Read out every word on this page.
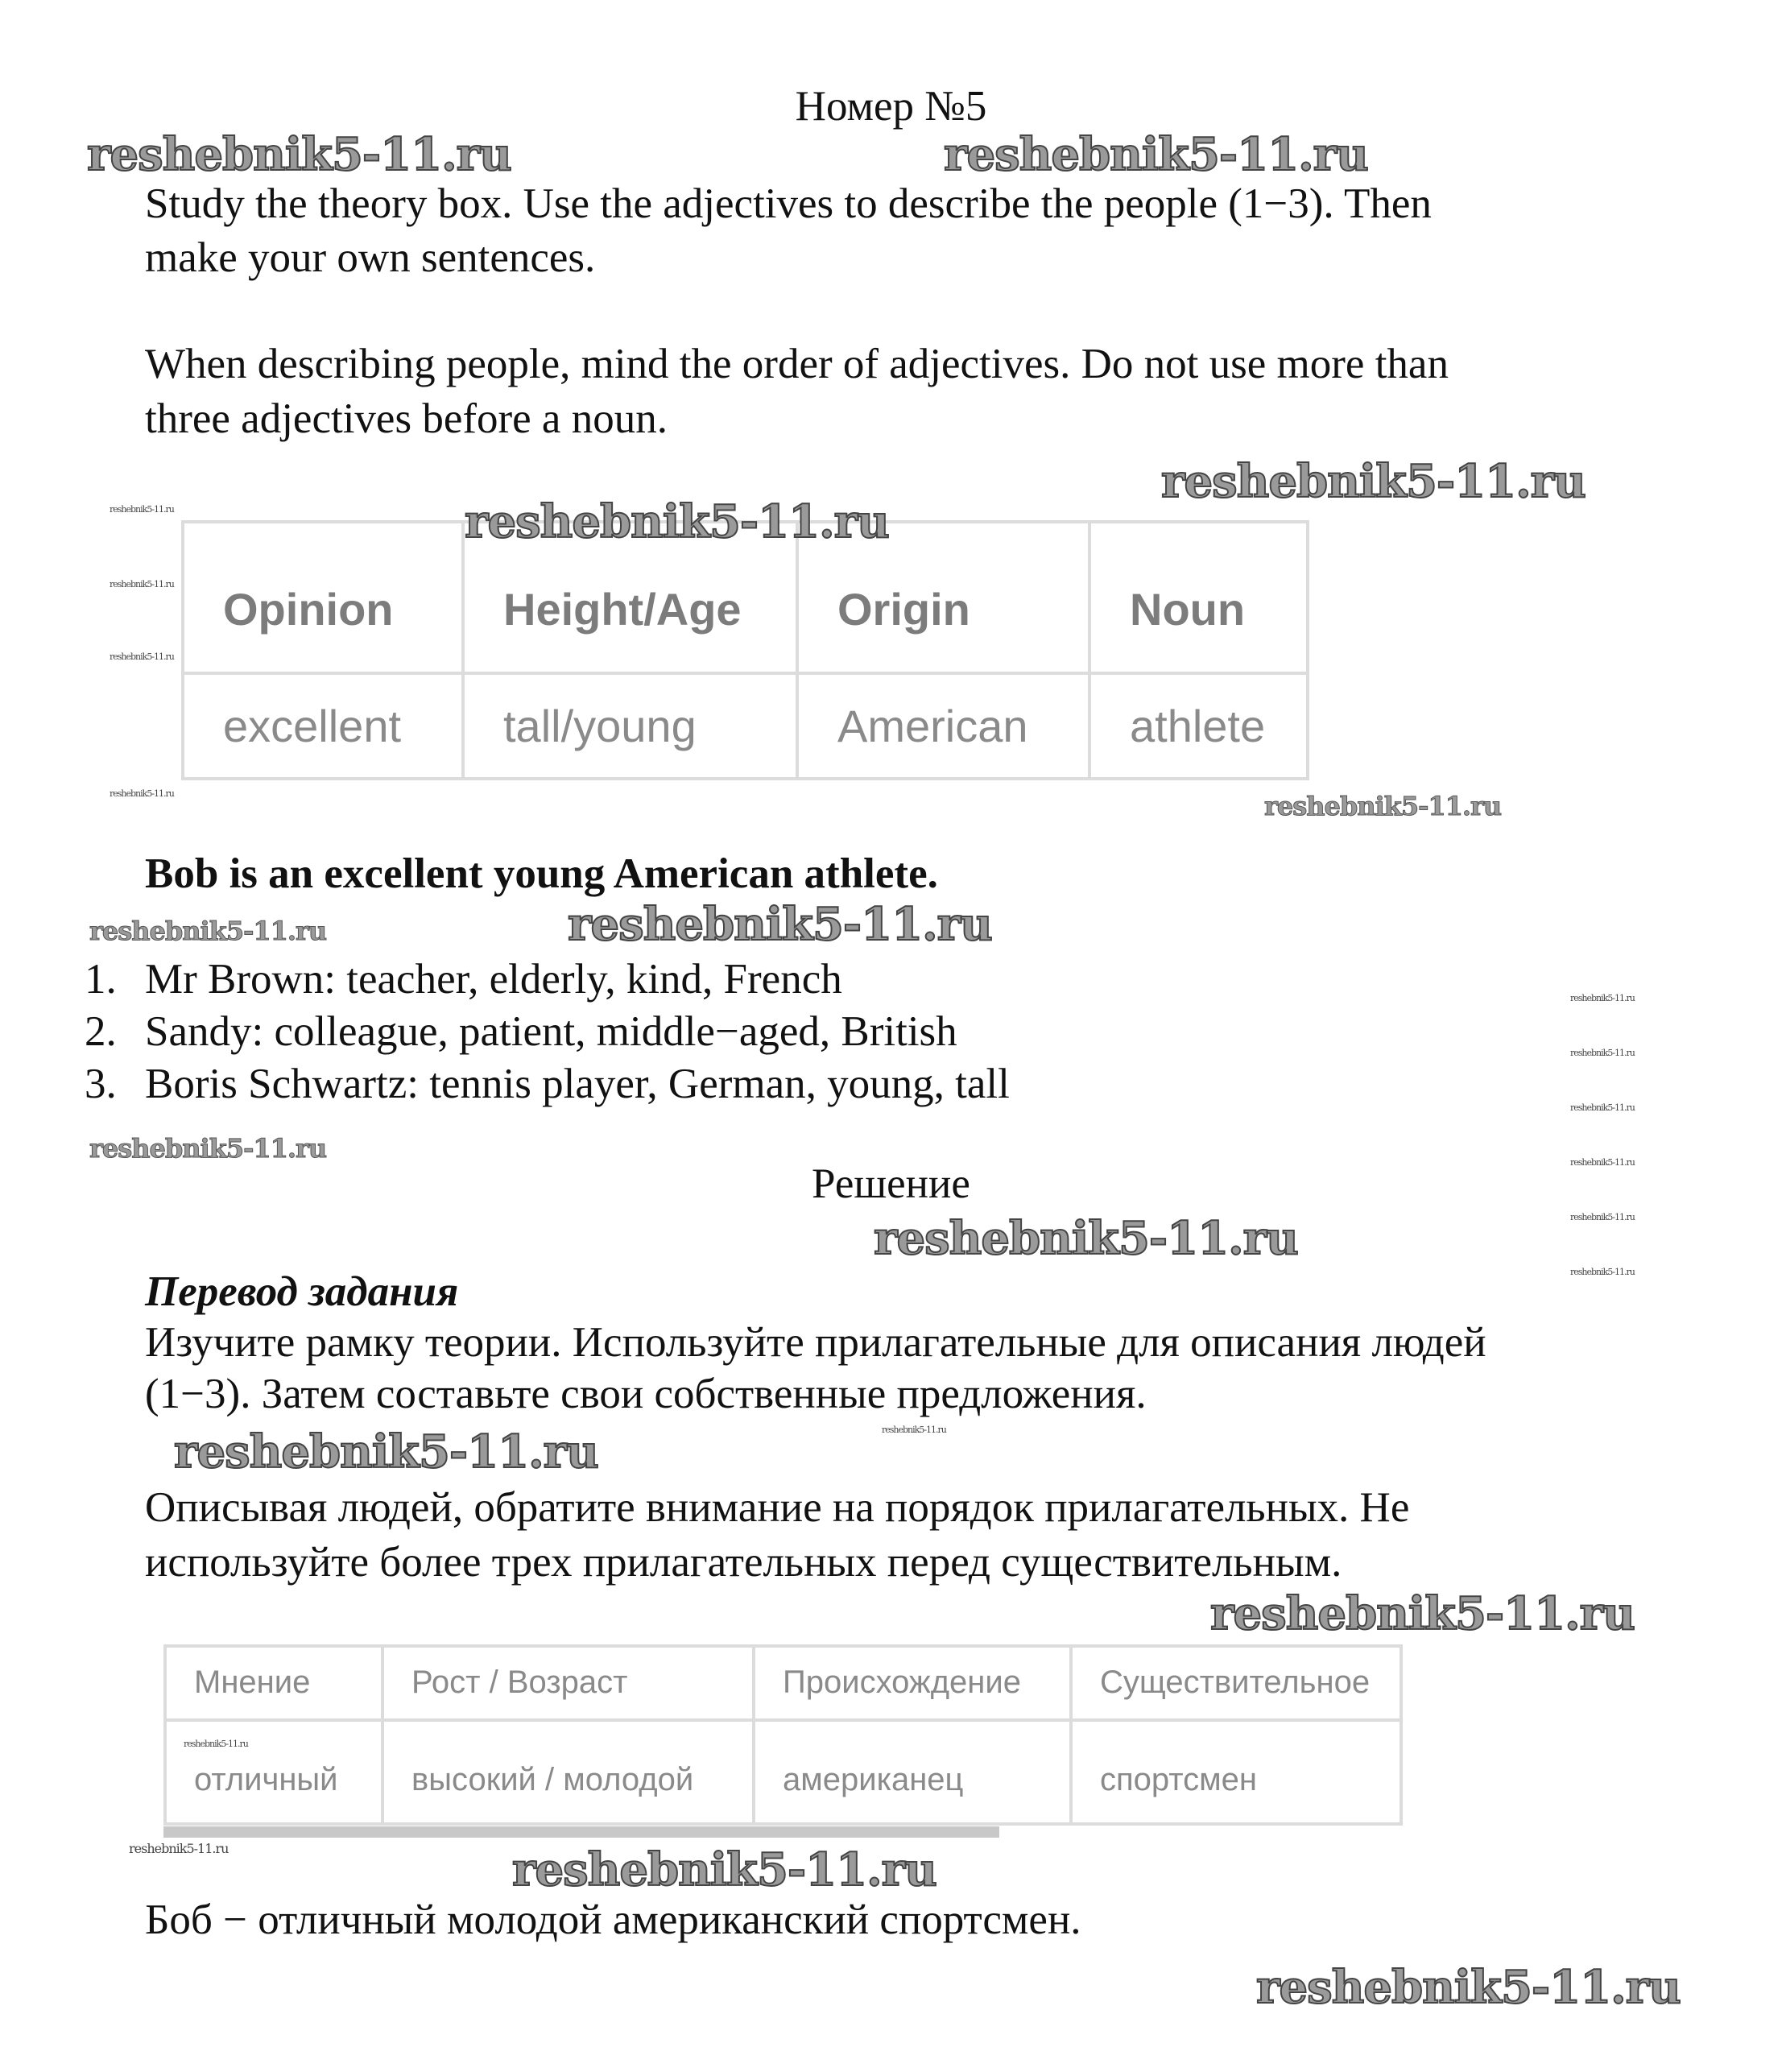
Номер №5
Study the theory box. Use the adjectives to describe the people (1−3). Then
make your own sentences.
When describing people, mind the order of adjectives. Do not use more than
three adjectives before a noun.
Opinion	Height/Age	Origin	Noun
excellent	tall/young	American	athlete
Bob is an excellent young American athlete.
1. Mr Brown: teacher, elderly, kind, French
2. Sandy: colleague, patient, middle−aged, British
3. Boris Schwartz: tennis player, German, young, tall
Решение
Перевод задания
Изучите рамку теории. Используйте прилагательные для описания людей
(1−3). Затем составьте свои собственные предложения.
Описывая людей, обратите внимание на порядок прилагательных. Не
используйте более трех прилагательных перед существительным.
Мнение	Рост / Возраст	Происхождение	Существительное
отличный	высокий / молодой	американец	спортсмен
Боб − отличный молодой американский спортсмен.
reshebnik5-11.ru	reshebnik5-11.ru
reshebnik5-11.ru
reshebnik5-11.ru
reshebnik5-11.ru
reshebnik5-11.ru
reshebnik5-11.ru
reshebnik5-11.ru
reshebnik5-11.ru
reshebnik5-11.ru
reshebnik5-11.ru
reshebnik5-11.ru
reshebnik5-11.ru
reshebnik5-11.ru
reshebnik5-11.ru
reshebnik5-11.ru
reshebnik5-11.ru
reshebnik5-11.ru
reshebnik5-11.ru
reshebnik5-11.ru
reshebnik5-11.ru
reshebnik5-11.ru
reshebnik5-11.ru
reshebnik5-11.ru
reshebnik5-11.ru
reshebnik5-11.ru
